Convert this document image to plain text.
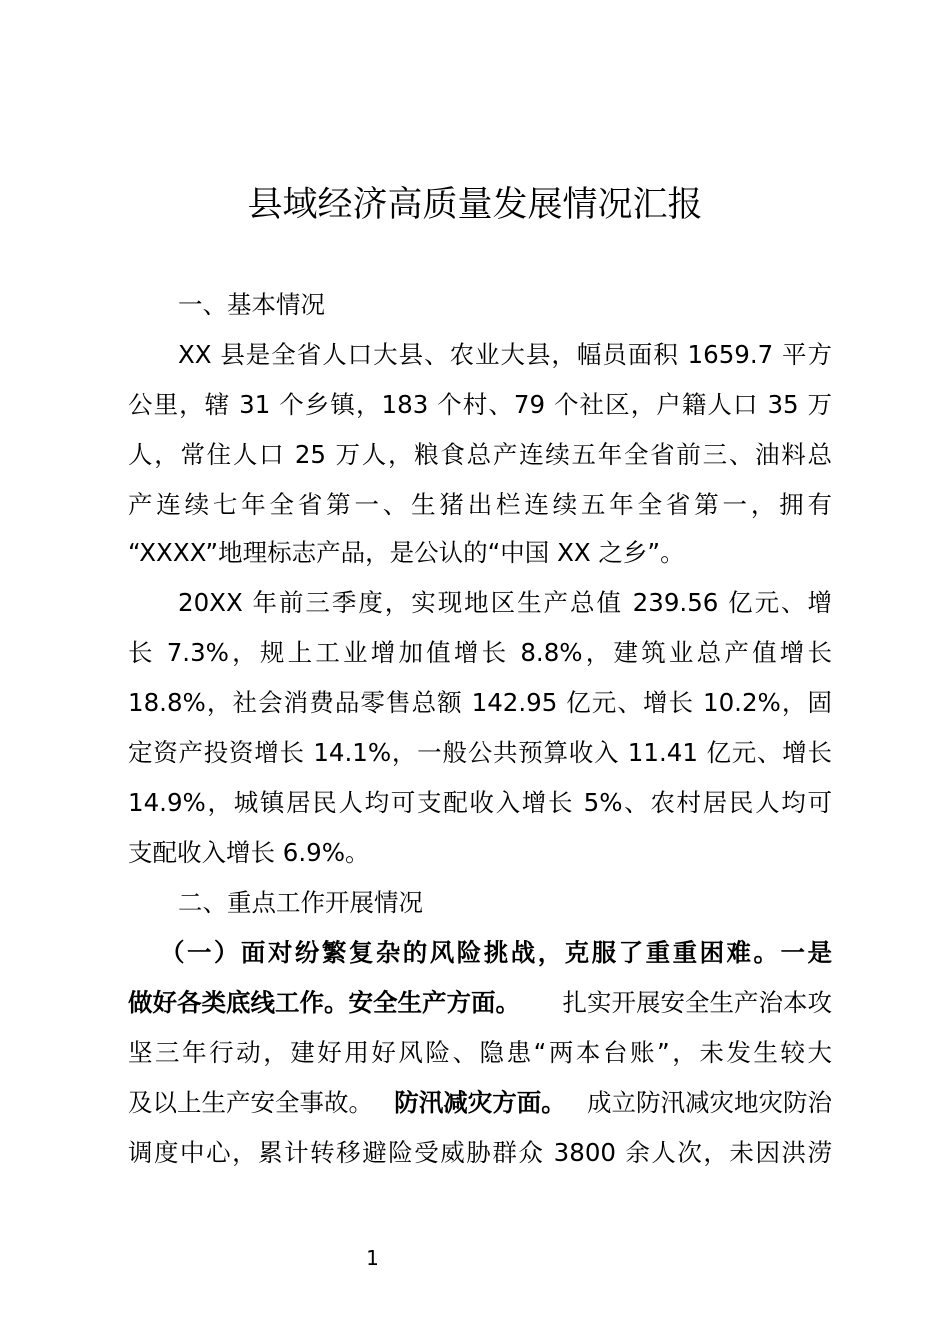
县域经济高质量发展情况汇报
一、基本情况
XX 县是全省人口大县、农业大县，幅员面积 1659.7 平方
公里，辖 31 个乡镇，183 个村、79 个社区，户籍人口 35 万
人，常住人口 25 万人，粮食总产连续五年全省前三、油料总
产连续七年全省第一、生猪出栏连续五年全省第一，拥有
“XXXX”地理标志产品，是公认的“中国 XX 之乡”。
20XX 年前三季度，实现地区生产总值 239.56 亿元、增
长 7.3%，规上工业增加值增长 8.8%，建筑业总产值增长
18.8%，社会消费品零售总额 142.95 亿元、增长 10.2%，固
定资产投资增长 14.1%，一般公共预算收入 11.41 亿元、增长
14.9%，城镇居民人均可支配收入增长 5%、农村居民人均可
支配收入增长 6.9%。
二、重点工作开展情况
（一）面对纷繁复杂的风险挑战，克服了重重困难。一是
做好各类底线工作。安全生产方面。 扎实开展安全生产治本攻
坚三年行动，建好用好风险、隐患“两本台账”，未发生较大
及以上生产安全事故。 防汛减灾方面。 成立防汛减灾地灾防治
调度中心，累计转移避险受威胁群众 3800 余人次，未因洪涝
1
